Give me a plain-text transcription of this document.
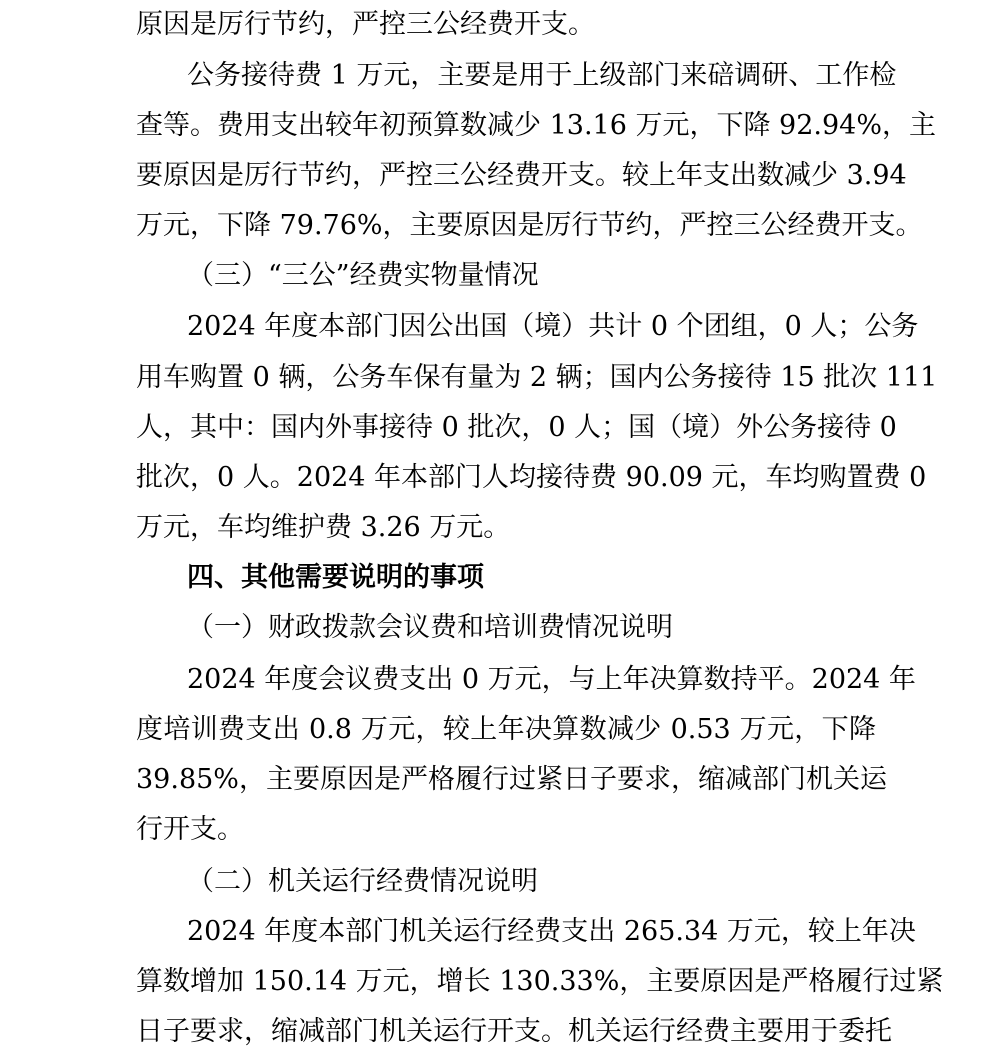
原因是厉行节约，严控三公经费开支。
公务接待费 1 万元，主要是用于上级部门来碚调研、工作检
查等。费用支出较年初预算数减少 13.16 万元，下降 92.94%，主
要原因是厉行节约，严控三公经费开支。较上年支出数减少 3.94
万元，下降 79.76%，主要原因是厉行节约，严控三公经费开支。
（三）“三公”经费实物量情况
2024 年度本部门因公出国（境）共计 0 个团组，0 人；公务
用车购置 0 辆，公务车保有量为 2 辆；国内公务接待 15 批次 111
人，其中：国内外事接待 0 批次，0 人；国（境）外公务接待 0
批次，0 人。2024 年本部门人均接待费 90.09 元，车均购置费 0
万元，车均维护费 3.26 万元。
四、其他需要说明的事项
（一）财政拨款会议费和培训费情况说明
2024 年度会议费支出 0 万元，与上年决算数持平。2024 年
度培训费支出 0.8 万元，较上年决算数减少 0.53 万元，下降
39.85%，主要原因是严格履行过紧日子要求，缩减部门机关运
行开支。
（二）机关运行经费情况说明
2024 年度本部门机关运行经费支出 265.34 万元，较上年决
算数增加 150.14 万元，增长 130.33%，主要原因是严格履行过紧
日子要求，缩减部门机关运行开支。机关运行经费主要用于委托
